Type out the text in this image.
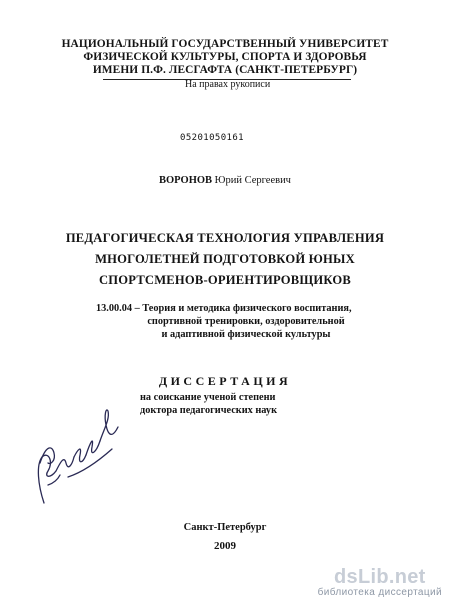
НАЦИОНАЛЬНЫЙ ГОСУДАРСТВЕННЫЙ УНИВЕРСИТЕТ
ФИЗИЧЕСКОЙ КУЛЬТУРЫ, СПОРТА И ЗДОРОВЬЯ
ИМЕНИ П.Ф. ЛЕСГАФТА (САНКТ-ПЕТЕРБУРГ)
На правах рукописи
05201050161
ВОРОНОВ Юрий Сергеевич
ПЕДАГОГИЧЕСКАЯ ТЕХНОЛОГИЯ УПРАВЛЕНИЯ
МНОГОЛЕТНЕЙ ПОДГОТОВКОЙ ЮНЫХ
СПОРТСМЕНОВ-ОРИЕНТИРОВЩИКОВ
13.00.04 – Теория и методика физического воспитания,
спортивной тренировки, оздоровительной
и адаптивной физической культуры
ДИССЕРТАЦИЯ
на соискание ученой степени
доктора педагогических наук
Санкт-Петербург
2009
dsLib.net
библиотека диссертаций
